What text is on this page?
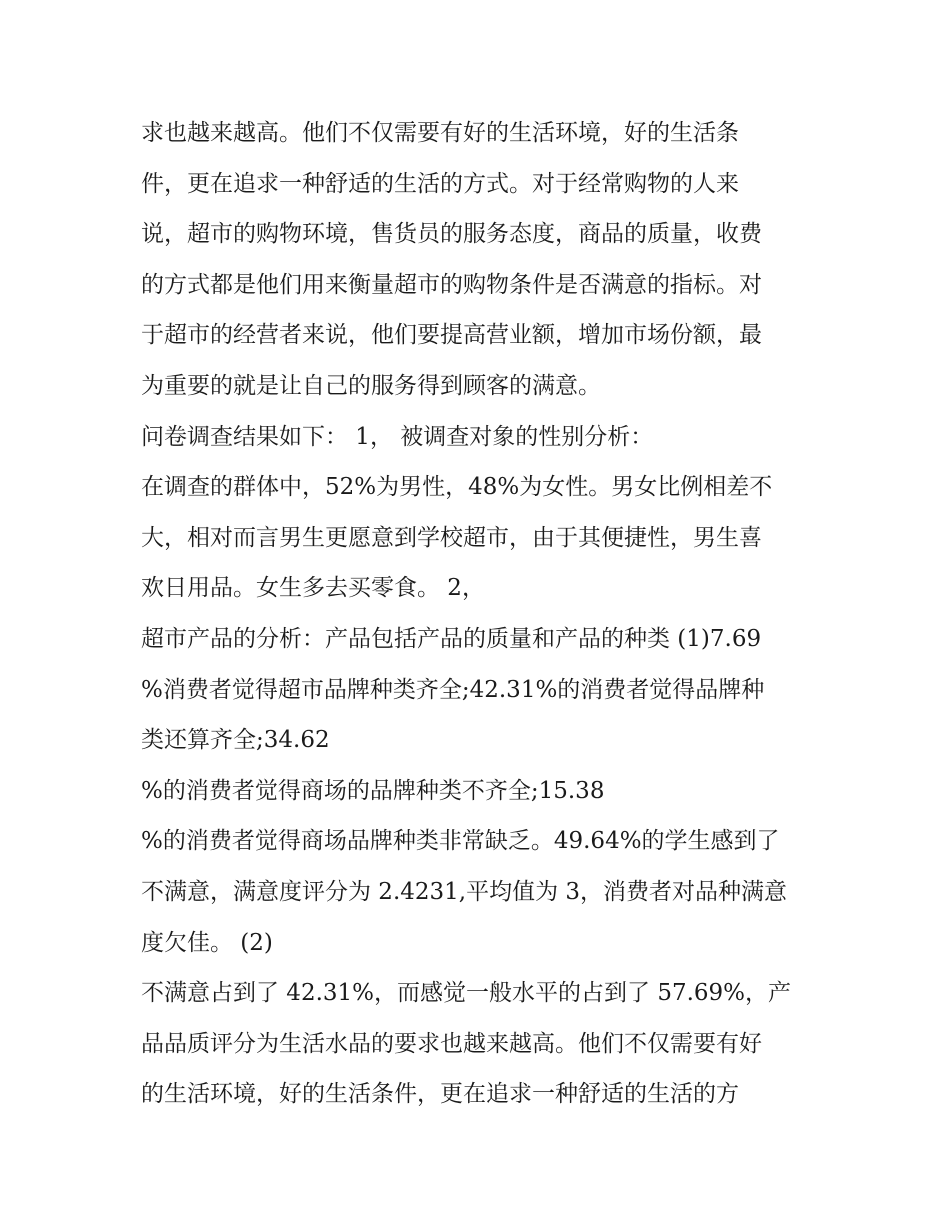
求也越来越高。他们不仅需要有好的生活环境，好的生活条
件，更在追求一种舒适的生活的方式。对于经常购物的人来
说，超市的购物环境，售货员的服务态度，商品的质量，收费
的方式都是他们用来衡量超市的购物条件是否满意的指标。对
于超市的经营者来说，他们要提高营业额，增加市场份额，最
为重要的就是让自己的服务得到顾客的满意。
问卷调查结果如下： 1， 被调查对象的性别分析：
在调查的群体中，52%为男性，48%为女性。男女比例相差不
大，相对而言男生更愿意到学校超市，由于其便捷性，男生喜
欢日用品。女生多去买零食。 2，
超市产品的分析：产品包括产品的质量和产品的种类 (1)7.69
%消费者觉得超市品牌种类齐全;42.31%的消费者觉得品牌种
类还算齐全;34.62
%的消费者觉得商场的品牌种类不齐全;15.38
%的消费者觉得商场品牌种类非常缺乏。49.64%的学生感到了
不满意，满意度评分为 2.4231,平均值为 3，消费者对品种满意
度欠佳。 (2)
不满意占到了 42.31%，而感觉一般水平的占到了 57.69%，产
品品质评分为生活水品的要求也越来越高。他们不仅需要有好
的生活环境，好的生活条件，更在追求一种舒适的生活的方
